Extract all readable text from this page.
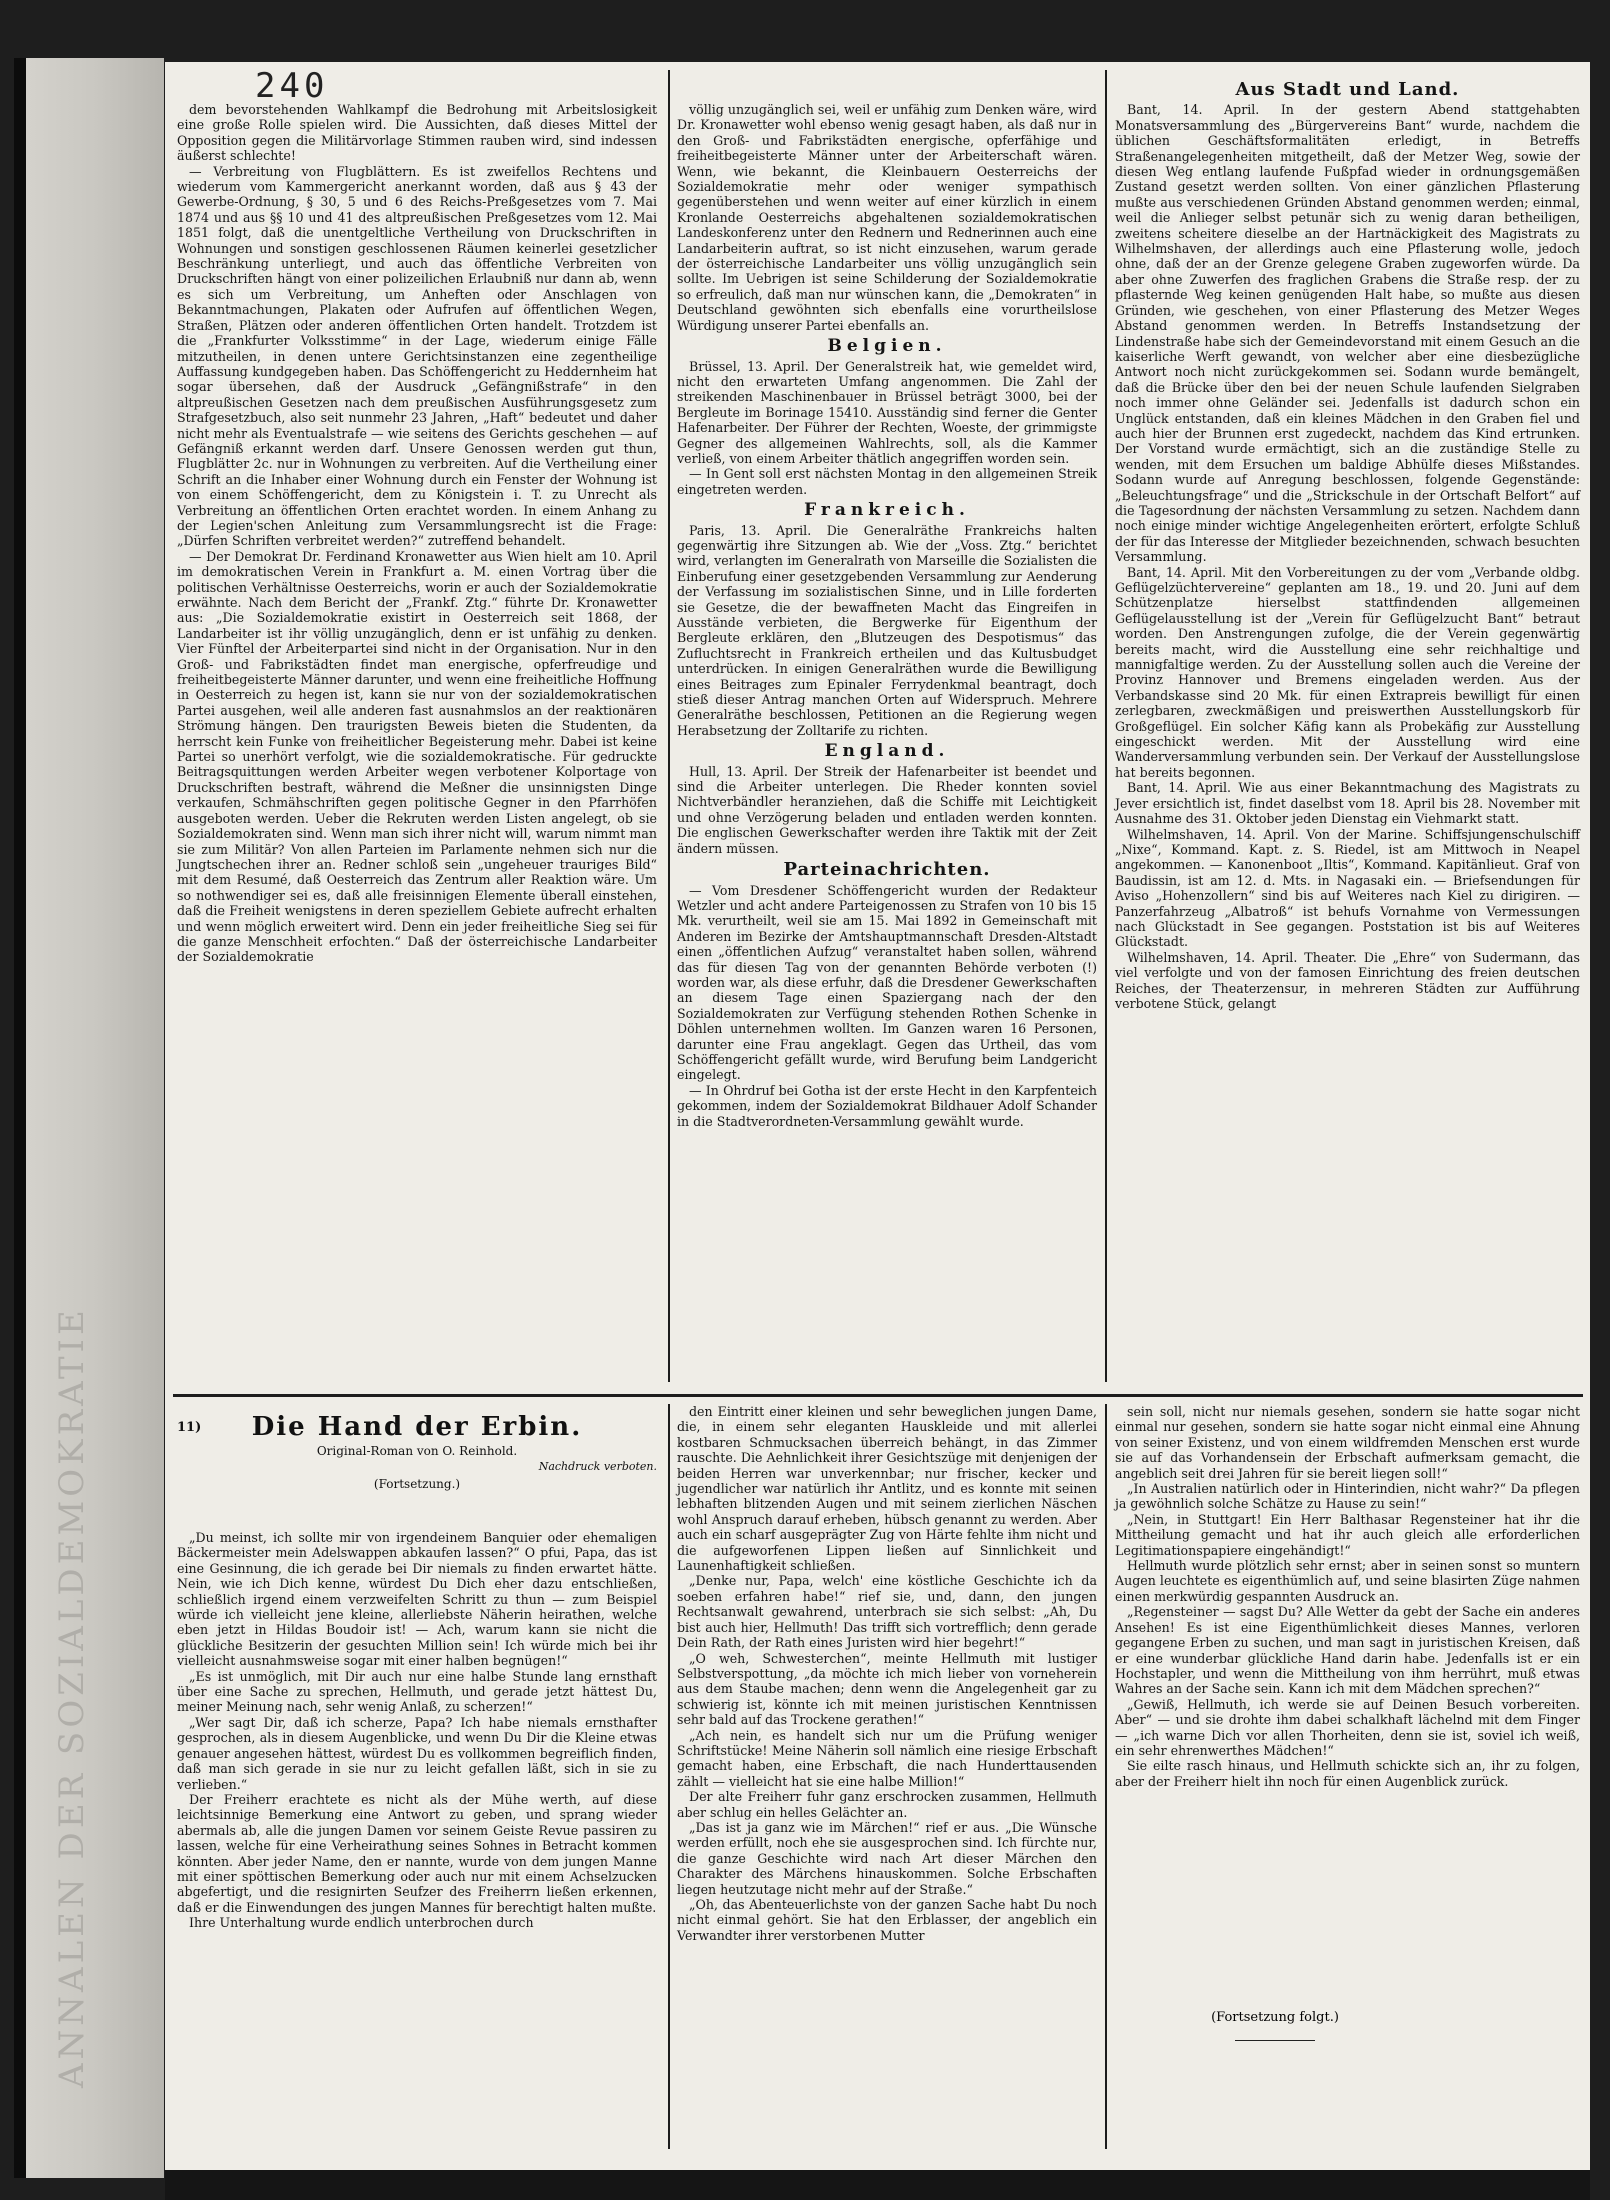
ANNALEN DER SOZIALDEMOKRATIE
240

dem bevorstehenden Wahlkampf die Bedrohung mit Arbeitslosigkeit eine große Rolle spielen wird. Die Aussichten, daß dieses Mittel der Opposition gegen die Militärvorlage Stimmen rauben wird, sind indessen äußerst schlechte!

— Verbreitung von Flugblättern. Es ist zweifellos Rechtens und wiederum vom Kammergericht anerkannt worden, daß aus § 43 der Gewerbe-Ordnung, § 30, 5 und 6 des Reichs-Preßgesetzes vom 7. Mai 1874 und aus §§ 10 und 41 des altpreußischen Preßgesetzes vom 12. Mai 1851 folgt, daß die unentgeltliche Vertheilung von Druckschriften in Wohnungen und sonstigen geschlossenen Räumen keinerlei gesetzlicher Beschränkung unterliegt, und auch das öffentliche Verbreiten von Druckschriften hängt von einer polizeilichen Erlaubniß nur dann ab, wenn es sich um Verbreitung, um Anheften oder Anschlagen von Bekanntmachungen, Plakaten oder Aufrufen auf öffentlichen Wegen, Straßen, Plätzen oder anderen öffentlichen Orten handelt. Trotzdem ist die „Frankfurter Volksstimme“ in der Lage, wiederum einige Fälle mitzutheilen, in denen untere Gerichtsinstanzen eine zegentheilige Auffassung kundgegeben haben. Das Schöffengericht zu Heddernheim hat sogar übersehen, daß der Ausdruck „Gefängnißstrafe“ in den altpreußischen Gesetzen nach dem preußischen Ausführungsgesetz zum Strafgesetzbuch, also seit nunmehr 23 Jahren, „Haft“ bedeutet und daher nicht mehr als Eventualstrafe — wie seitens des Gerichts geschehen — auf Gefängniß erkannt werden darf. Unsere Genossen werden gut thun, Flugblätter 2c. nur in Wohnungen zu verbreiten. Auf die Vertheilung einer Schrift an die Inhaber einer Wohnung durch ein Fenster der Wohnung ist von einem Schöffengericht, dem zu Königstein i. T. zu Unrecht als Verbreitung an öffentlichen Orten erachtet worden. In einem Anhang zu der Legien'schen Anleitung zum Versammlungsrecht ist die Frage: „Dürfen Schriften verbreitet werden?“ zutreffend behandelt.

— Der Demokrat Dr. Ferdinand Kronawetter aus Wien hielt am 10. April im demokratischen Verein in Frankfurt a. M. einen Vortrag über die politischen Verhältnisse Oesterreichs, worin er auch der Sozialdemokratie erwähnte. Nach dem Bericht der „Frankf. Ztg.“ führte Dr. Kronawetter aus: „Die Sozialdemokratie existirt in Oesterreich seit 1868, der Landarbeiter ist ihr völlig unzugänglich, denn er ist unfähig zu denken. Vier Fünftel der Arbeiterpartei sind nicht in der Organisation. Nur in den Groß- und Fabrikstädten findet man energische, opferfreudige und freiheitbegeisterte Männer darunter, und wenn eine freiheitliche Hoffnung in Oesterreich zu hegen ist, kann sie nur von der sozialdemokratischen Partei ausgehen, weil alle anderen fast ausnahmslos an der reaktionären Strömung hängen. Den traurigsten Beweis bieten die Studenten, da herrscht kein Funke von freiheitlicher Begeisterung mehr. Dabei ist keine Partei so unerhört verfolgt, wie die sozialdemokratische. Für gedruckte Beitragsquittungen werden Arbeiter wegen verbotener Kolportage von Druckschriften bestraft, während die Meßner die unsinnigsten Dinge verkaufen, Schmähschriften gegen politische Gegner in den Pfarrhöfen ausgeboten werden. Ueber die Rekruten werden Listen angelegt, ob sie Sozialdemokraten sind. Wenn man sich ihrer nicht will, warum nimmt man sie zum Militär? Von allen Parteien im Parlamente nehmen sich nur die Jungtschechen ihrer an. Redner schloß sein „ungeheuer trauriges Bild“ mit dem Resumé, daß Oesterreich das Zentrum aller Reaktion wäre. Um so nothwendiger sei es, daß alle freisinnigen Elemente überall einstehen, daß die Freiheit wenigstens in deren speziellem Gebiete aufrecht erhalten und wenn möglich erweitert wird. Denn ein jeder freiheitliche Sieg sei für die ganze Menschheit erfochten.“ Daß der österreichische Landarbeiter der Sozialdemokratie

völlig unzugänglich sei, weil er unfähig zum Denken wäre, wird Dr. Kronawetter wohl ebenso wenig gesagt haben, als daß nur in den Groß- und Fabrikstädten energische, opferfähige und freiheitbegeisterte Männer unter der Arbeiterschaft wären. Wenn, wie bekannt, die Kleinbauern Oesterreichs der Sozialdemokratie mehr oder weniger sympathisch gegenüberstehen und wenn weiter auf einer kürzlich in einem Kronlande Oesterreichs abgehaltenen sozialdemokratischen Landeskonferenz unter den Rednern und Rednerinnen auch eine Landarbeiterin auftrat, so ist nicht einzusehen, warum gerade der österreichische Landarbeiter uns völlig unzugänglich sein sollte. Im Uebrigen ist seine Schilderung der Sozialdemokratie so erfreulich, daß man nur wünschen kann, die „Demokraten“ in Deutschland gewöhnten sich ebenfalls eine vorurtheilslose Würdigung unserer Partei ebenfalls an.

Belgien.

Brüssel, 13. April. Der Generalstreik hat, wie gemeldet wird, nicht den erwarteten Umfang angenommen. Die Zahl der streikenden Maschinenbauer in Brüssel beträgt 3000, bei der Bergleute im Borinage 15410. Ausständig sind ferner die Genter Hafenarbeiter. Der Führer der Rechten, Woeste, der grimmigste Gegner des allgemeinen Wahlrechts, soll, als die Kammer verließ, von einem Arbeiter thätlich angegriffen worden sein.

— In Gent soll erst nächsten Montag in den allgemeinen Streik eingetreten werden.

Frankreich.

Paris, 13. April. Die Generalräthe Frankreichs halten gegenwärtig ihre Sitzungen ab. Wie der „Voss. Ztg.“ berichtet wird, verlangten im Generalrath von Marseille die Sozialisten die Einberufung einer gesetzgebenden Versammlung zur Aenderung der Verfassung im sozialistischen Sinne, und in Lille forderten sie Gesetze, die der bewaffneten Macht das Eingreifen in Ausstände verbieten, die Bergwerke für Eigenthum der Bergleute erklären, den „Blutzeugen des Despotismus“ das Zufluchtsrecht in Frankreich ertheilen und das Kultusbudget unterdrücken. In einigen Generalräthen wurde die Bewilligung eines Beitrages zum Epinaler Ferrydenkmal beantragt, doch stieß dieser Antrag manchen Orten auf Widerspruch. Mehrere Generalräthe beschlossen, Petitionen an die Regierung wegen Herabsetzung der Zolltarife zu richten.

England.

Hull, 13. April. Der Streik der Hafenarbeiter ist beendet und sind die Arbeiter unterlegen. Die Rheder konnten soviel Nichtverbändler heranziehen, daß die Schiffe mit Leichtigkeit und ohne Verzögerung beladen und entladen werden konnten. Die englischen Gewerkschafter werden ihre Taktik mit der Zeit ändern müssen.

Parteinachrichten.

— Vom Dresdener Schöffengericht wurden der Redakteur Wetzler und acht andere Parteigenossen zu Strafen von 10 bis 15 Mk. verurtheilt, weil sie am 15. Mai 1892 in Gemeinschaft mit Anderen im Bezirke der Amtshauptmannschaft Dresden-Altstadt einen „öffentlichen Aufzug“ veranstaltet haben sollen, während das für diesen Tag von der genannten Behörde verboten (!) worden war, als diese erfuhr, daß die Dresdener Gewerkschaften an diesem Tage einen Spaziergang nach der den Sozialdemokraten zur Verfügung stehenden Rothen Schenke in Döhlen unternehmen wollten. Im Ganzen waren 16 Personen, darunter eine Frau angeklagt. Gegen das Urtheil, das vom Schöffengericht gefällt wurde, wird Berufung beim Landgericht eingelegt.

— In Ohrdruf bei Gotha ist der erste Hecht in den Karpfenteich gekommen, indem der Sozialdemokrat Bildhauer Adolf Schander in die Stadtverordneten-Versammlung gewählt wurde.

Aus Stadt und Land.

Bant, 14. April. In der gestern Abend stattgehabten Monatsversammlung des „Bürgervereins Bant“ wurde, nachdem die üblichen Geschäftsformalitäten erledigt, in Betreffs Straßenangelegenheiten mitgetheilt, daß der Metzer Weg, sowie der diesen Weg entlang laufende Fußpfad wieder in ordnungsgemäßen Zustand gesetzt werden sollten. Von einer gänzlichen Pflasterung mußte aus verschiedenen Gründen Abstand genommen werden; einmal, weil die Anlieger selbst petunär sich zu wenig daran betheiligen, zweitens scheitere dieselbe an der Hartnäckigkeit des Magistrats zu Wilhelmshaven, der allerdings auch eine Pflasterung wolle, jedoch ohne, daß der an der Grenze gelegene Graben zugeworfen würde. Da aber ohne Zuwerfen des fraglichen Grabens die Straße resp. der zu pflasternde Weg keinen genügenden Halt habe, so mußte aus diesen Gründen, wie geschehen, von einer Pflasterung des Metzer Weges Abstand genommen werden. In Betreffs Instandsetzung der Lindenstraße habe sich der Gemeindevorstand mit einem Gesuch an die kaiserliche Werft gewandt, von welcher aber eine diesbezügliche Antwort noch nicht zurückgekommen sei. Sodann wurde bemängelt, daß die Brücke über den bei der neuen Schule laufenden Sielgraben noch immer ohne Geländer sei. Jedenfalls ist dadurch schon ein Unglück entstanden, daß ein kleines Mädchen in den Graben fiel und auch hier der Brunnen erst zugedeckt, nachdem das Kind ertrunken. Der Vorstand wurde ermächtigt, sich an die zuständige Stelle zu wenden, mit dem Ersuchen um baldige Abhülfe dieses Mißstandes. Sodann wurde auf Anregung beschlossen, folgende Gegenstände: „Beleuchtungsfrage“ und die „Strickschule in der Ortschaft Belfort“ auf die Tagesordnung der nächsten Versammlung zu setzen. Nachdem dann noch einige minder wichtige Angelegenheiten erörtert, erfolgte Schluß der für das Interesse der Mitglieder bezeichnenden, schwach besuchten Versammlung.

Bant, 14. April. Mit den Vorbereitungen zu der vom „Verbande oldbg. Geflügelzüchtervereine“ geplanten am 18., 19. und 20. Juni auf dem Schützenplatze hierselbst stattfindenden allgemeinen Geflügelausstellung ist der „Verein für Geflügelzucht Bant“ betraut worden. Den Anstrengungen zufolge, die der Verein gegenwärtig bereits macht, wird die Ausstellung eine sehr reichhaltige und mannigfaltige werden. Zu der Ausstellung sollen auch die Vereine der Provinz Hannover und Bremens eingeladen werden. Aus der Verbandskasse sind 20 Mk. für einen Extrapreis bewilligt für einen zerlegbaren, zweckmäßigen und preiswerthen Ausstellungskorb für Großgeflügel. Ein solcher Käfig kann als Probekäfig zur Ausstellung eingeschickt werden. Mit der Ausstellung wird eine Wanderversammlung verbunden sein. Der Verkauf der Ausstellungslose hat bereits begonnen.

Bant, 14. April. Wie aus einer Bekanntmachung des Magistrats zu Jever ersichtlich ist, findet daselbst vom 18. April bis 28. November mit Ausnahme des 31. Oktober jeden Dienstag ein Viehmarkt statt.

Wilhelmshaven, 14. April. Von der Marine. Schiffsjungenschulschiff „Nixe“, Kommand. Kapt. z. S. Riedel, ist am Mittwoch in Neapel angekommen. — Kanonenboot „Iltis“, Kommand. Kapitänlieut. Graf von Baudissin, ist am 12. d. Mts. in Nagasaki ein. — Briefsendungen für Aviso „Hohenzollern“ sind bis auf Weiteres nach Kiel zu dirigiren. — Panzerfahrzeug „Albatroß“ ist behufs Vornahme von Vermessungen nach Glückstadt in See gegangen. Poststation ist bis auf Weiteres Glückstadt.

Wilhelmshaven, 14. April. Theater. Die „Ehre“ von Sudermann, das viel verfolgte und von der famosen Einrichtung des freien deutschen Reiches, der Theaterzensur, in mehreren Städten zur Aufführung verbotene Stück, gelangt

11)	Die Hand der Erbin.
Original-Roman von O. Reinhold.
Nachdruck verboten.
(Fortsetzung.)

„Du meinst, ich sollte mir von irgendeinem Banquier oder ehemaligen Bäckermeister mein Adelswappen abkaufen lassen?“ O pfui, Papa, das ist eine Gesinnung, die ich gerade bei Dir niemals zu finden erwartet hätte. Nein, wie ich Dich kenne, würdest Du Dich eher dazu entschließen, schließlich irgend einem verzweifelten Schritt zu thun — zum Beispiel würde ich vielleicht jene kleine, allerliebste Näherin heirathen, welche eben jetzt in Hildas Boudoir ist! — Ach, warum kann sie nicht die glückliche Besitzerin der gesuchten Million sein! Ich würde mich bei ihr vielleicht ausnahmsweise sogar mit einer halben begnügen!“

„Es ist unmöglich, mit Dir auch nur eine halbe Stunde lang ernsthaft über eine Sache zu sprechen, Hellmuth, und gerade jetzt hättest Du, meiner Meinung nach, sehr wenig Anlaß, zu scherzen!“

„Wer sagt Dir, daß ich scherze, Papa? Ich habe niemals ernsthafter gesprochen, als in diesem Augenblicke, und wenn Du Dir die Kleine etwas genauer angesehen hättest, würdest Du es vollkommen begreiflich finden, daß man sich gerade in sie nur zu leicht gefallen läßt, sich in sie zu verlieben.“

Der Freiherr erachtete es nicht als der Mühe werth, auf diese leichtsinnige Bemerkung eine Antwort zu geben, und sprang wieder abermals ab, alle die jungen Damen vor seinem Geiste Revue passiren zu lassen, welche für eine Verheirathung seines Sohnes in Betracht kommen könnten. Aber jeder Name, den er nannte, wurde von dem jungen Manne mit einer spöttischen Bemerkung oder auch nur mit einem Achselzucken abgefertigt, und die resignirten Seufzer des Freiherrn ließen erkennen, daß er die Einwendungen des jungen Mannes für berechtigt halten mußte.

Ihre Unterhaltung wurde endlich unterbrochen durch

den Eintritt einer kleinen und sehr beweglichen jungen Dame, die, in einem sehr eleganten Hauskleide und mit allerlei kostbaren Schmucksachen überreich behängt, in das Zimmer rauschte. Die Aehnlichkeit ihrer Gesichtszüge mit denjenigen der beiden Herren war unverkennbar; nur frischer, kecker und jugendlicher war natürlich ihr Antlitz, und es konnte mit seinen lebhaften blitzenden Augen und mit seinem zierlichen Näschen wohl Anspruch darauf erheben, hübsch genannt zu werden. Aber auch ein scharf ausgeprägter Zug von Härte fehlte ihm nicht und die aufgeworfenen Lippen ließen auf Sinnlichkeit und Launenhaftigkeit schließen.

„Denke nur, Papa, welch' eine köstliche Geschichte ich da soeben erfahren habe!“ rief sie, und, dann, den jungen Rechtsanwalt gewahrend, unterbrach sie sich selbst: „Ah, Du bist auch hier, Hellmuth! Das trifft sich vortrefflich; denn gerade Dein Rath, der Rath eines Juristen wird hier begehrt!“

„O weh, Schwesterchen“, meinte Hellmuth mit lustiger Selbstverspottung, „da möchte ich mich lieber von vorneherein aus dem Staube machen; denn wenn die Angelegenheit gar zu schwierig ist, könnte ich mit meinen juristischen Kenntnissen sehr bald auf das Trockene gerathen!“

„Ach nein, es handelt sich nur um die Prüfung weniger Schriftstücke! Meine Näherin soll nämlich eine riesige Erbschaft gemacht haben, eine Erbschaft, die nach Hunderttausenden zählt — vielleicht hat sie eine halbe Million!“

Der alte Freiherr fuhr ganz erschrocken zusammen, Hellmuth aber schlug ein helles Gelächter an.

„Das ist ja ganz wie im Märchen!“ rief er aus. „Die Wünsche werden erfüllt, noch ehe sie ausgesprochen sind. Ich fürchte nur, die ganze Geschichte wird nach Art dieser Märchen den Charakter des Märchens hinauskommen. Solche Erbschaften liegen heutzutage nicht mehr auf der Straße.“

„Oh, das Abenteuerlichste von der ganzen Sache habt Du noch nicht einmal gehört. Sie hat den Erblasser, der angeblich ein Verwandter ihrer verstorbenen Mutter

sein soll, nicht nur niemals gesehen, sondern sie hatte sogar nicht einmal nur gesehen, sondern sie hatte sogar nicht einmal eine Ahnung von seiner Existenz, und von einem wildfremden Menschen erst wurde sie auf das Vorhandensein der Erbschaft aufmerksam gemacht, die angeblich seit drei Jahren für sie bereit liegen soll!“

„In Australien natürlich oder in Hinterindien, nicht wahr?“ Da pflegen ja gewöhnlich solche Schätze zu Hause zu sein!“

„Nein, in Stuttgart! Ein Herr Balthasar Regensteiner hat ihr die Mittheilung gemacht und hat ihr auch gleich alle erforderlichen Legitimationspapiere eingehändigt!“

Hellmuth wurde plötzlich sehr ernst; aber in seinen sonst so muntern Augen leuchtete es eigenthümlich auf, und seine blasirten Züge nahmen einen merkwürdig gespannten Ausdruck an.

„Regensteiner — sagst Du? Alle Wetter da gebt der Sache ein anderes Ansehen! Es ist eine Eigenthümlichkeit dieses Mannes, verloren gegangene Erben zu suchen, und man sagt in juristischen Kreisen, daß er eine wunderbar glückliche Hand darin habe. Jedenfalls ist er ein Hochstapler, und wenn die Mittheilung von ihm herrührt, muß etwas Wahres an der Sache sein. Kann ich mit dem Mädchen sprechen?“

„Gewiß, Hellmuth, ich werde sie auf Deinen Besuch vorbereiten. Aber“ — und sie drohte ihm dabei schalkhaft lächelnd mit dem Finger — „ich warne Dich vor allen Thorheiten, denn sie ist, soviel ich weiß, ein sehr ehrenwerthes Mädchen!“

Sie eilte rasch hinaus, und Hellmuth schickte sich an, ihr zu folgen, aber der Freiherr hielt ihn noch für einen Augenblick zurück.

(Fortsetzung folgt.)
